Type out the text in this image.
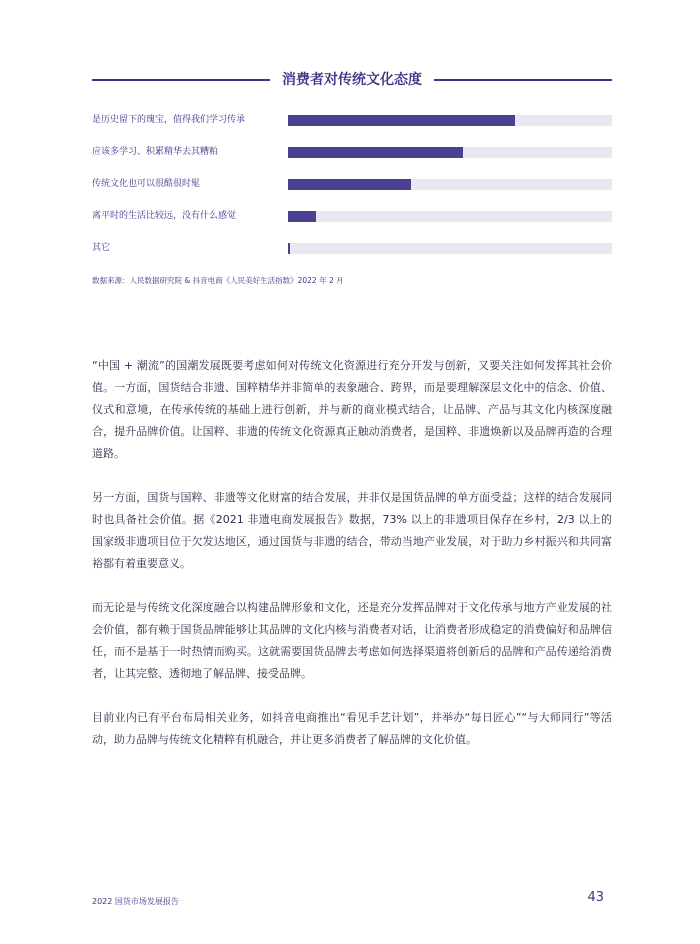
消费者对传统文化态度
是历史留下的瑰宝，值得我们学习传承
应该多学习、积累精华去其糟粕
传统文化也可以很酷很时髦
离平时的生活比较远，没有什么感觉
其它
数据来源：人民数据研究院 & 抖音电商《人民美好生活指数》2022 年 2 月

“中国 + 潮流”的国潮发展既要考虑如何对传统文化资源进行充分开发与创新，又要关注如何发挥其社会价值。一方面，国货结合非遗、国粹精华并非简单的表象融合、跨界，而是要理解深层文化中的信念、价值、仪式和意境，在传承传统的基础上进行创新，并与新的商业模式结合，让品牌、产品与其文化内核深度融合，提升品牌价值。让国粹、非遗的传统文化资源真正触动消费者，是国粹、非遗焕新以及品牌再造的合理道路。

另一方面，国货与国粹、非遗等文化财富的结合发展，并非仅是国货品牌的单方面受益；这样的结合发展同时也具备社会价值。据《2021 非遗电商发展报告》数据，73% 以上的非遗项目保存在乡村，2/3 以上的国家级非遗项目位于欠发达地区，通过国货与非遗的结合，带动当地产业发展，对于助力乡村振兴和共同富裕都有着重要意义。

而无论是与传统文化深度融合以构建品牌形象和文化，还是充分发挥品牌对于文化传承与地方产业发展的社会价值，都有赖于国货品牌能够让其品牌的文化内核与消费者对话，让消费者形成稳定的消费偏好和品牌信任，而不是基于一时热情而购买。这就需要国货品牌去考虑如何选择渠道将创新后的品牌和产品传递给消费者，让其完整、透彻地了解品牌、接受品牌。

目前业内已有平台布局相关业务，如抖音电商推出“看见手艺计划”，并举办“每日匠心”“与大师同行”等活动，助力品牌与传统文化精粹有机融合，并让更多消费者了解品牌的文化价值。

2022 国货市场发展报告	43
